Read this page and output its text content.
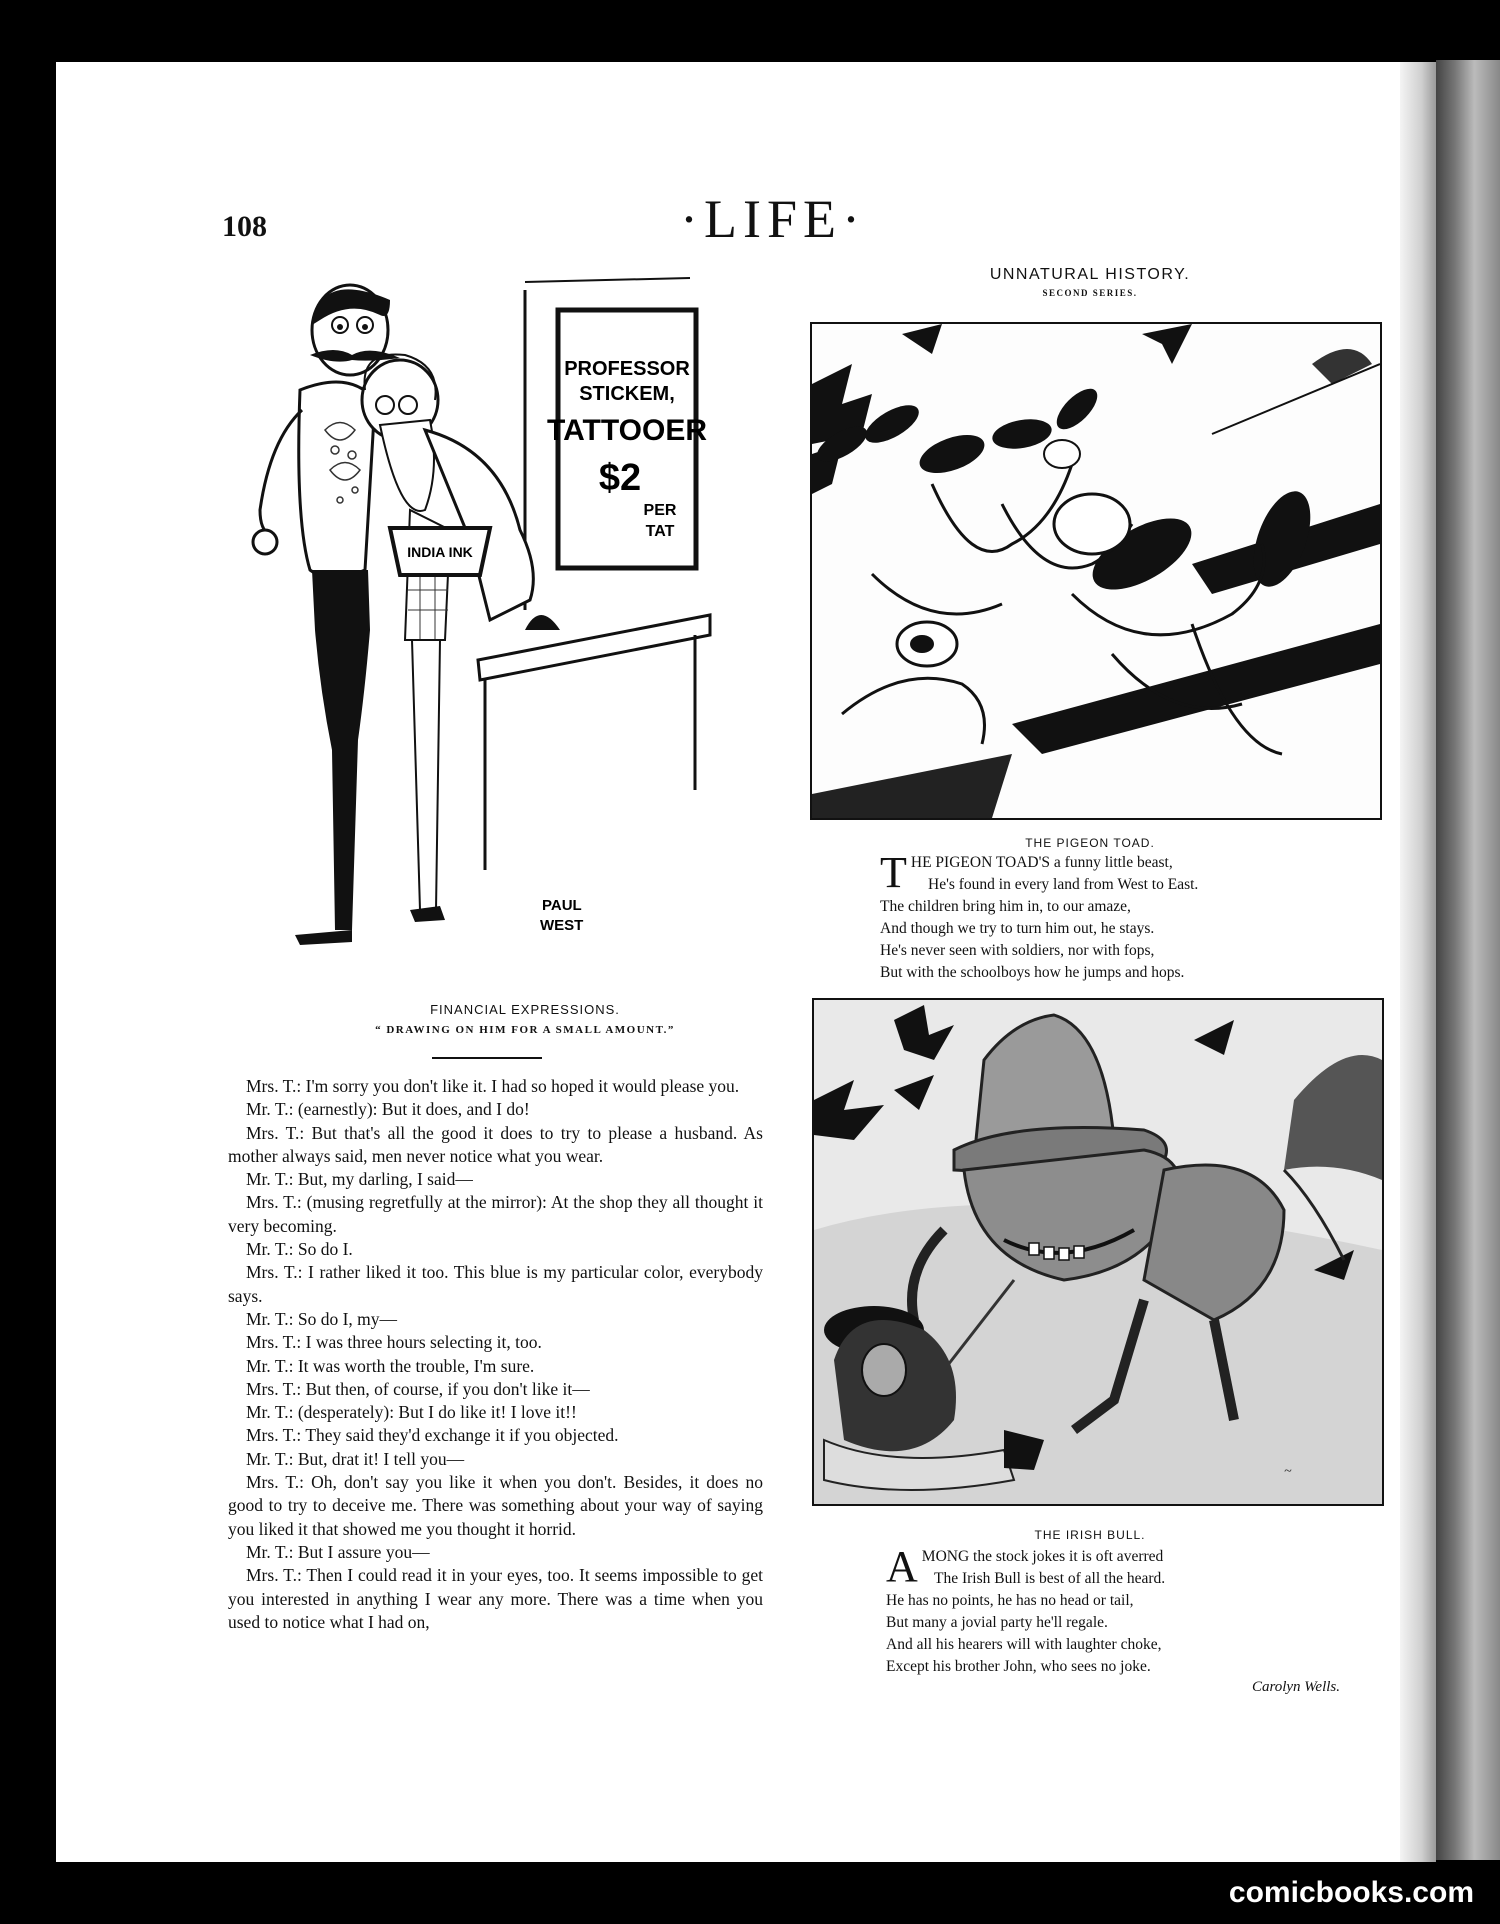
108	·LIFE·
PROFESSOR
STICKEM,
TATTOOER
$2
PER
TAT
INDIA INK
PAUL
WEST
FINANCIAL EXPRESSIONS.
“ DRAWING ON HIM FOR A SMALL AMOUNT.”

Mrs. T.: I'm sorry you don't like it. I had so hoped it would please you.

Mr. T.: (earnestly): But it does, and I do!

Mrs. T.: But that's all the good it does to try to please a husband. As mother always said, men never notice what you wear.

Mr. T.: But, my darling, I said—

Mrs. T.: (musing regretfully at the mirror): At the shop they all thought it very becoming.

Mr. T.: So do I.

Mrs. T.: I rather liked it too. This blue is my particular color, everybody says.

Mr. T.: So do I, my—

Mrs. T.: I was three hours selecting it, too.

Mr. T.: It was worth the trouble, I'm sure.

Mrs. T.: But then, of course, if you don't like it—

Mr. T.: (desperately): But I do like it! I love it!!

Mrs. T.: They said they'd exchange it if you objected.

Mr. T.: But, drat it! I tell you—

Mrs. T.: Oh, don't say you like it when you don't. Besides, it does no good to try to deceive me. There was something about your way of saying you liked it that showed me you thought it horrid.

Mr. T.: But I assure you—

Mrs. T.: Then I could read it in your eyes, too. It seems impossible to get you interested in anything I wear any more. There was a time when you used to notice what I had on,

UNNATURAL HISTORY.
SECOND SERIES.
THE PIGEON TOAD.
T HE PIGEON TOAD'S a funny little beast,
He's found in every land from West to East.
The children bring him in, to our amaze,
And though we try to turn him out, he stays.
He's never seen with soldiers, nor with fops,
But with the schoolboys how he jumps and hops.
~
THE IRISH BULL.
A MONG the stock jokes it is oft averred
The Irish Bull is best of all the heard.
He has no points, he has no head or tail,
But many a jovial party he'll regale.
And all his hearers will with laughter choke,
Except his brother John, who sees no joke.
Carolyn Wells.
comicbooks.com
